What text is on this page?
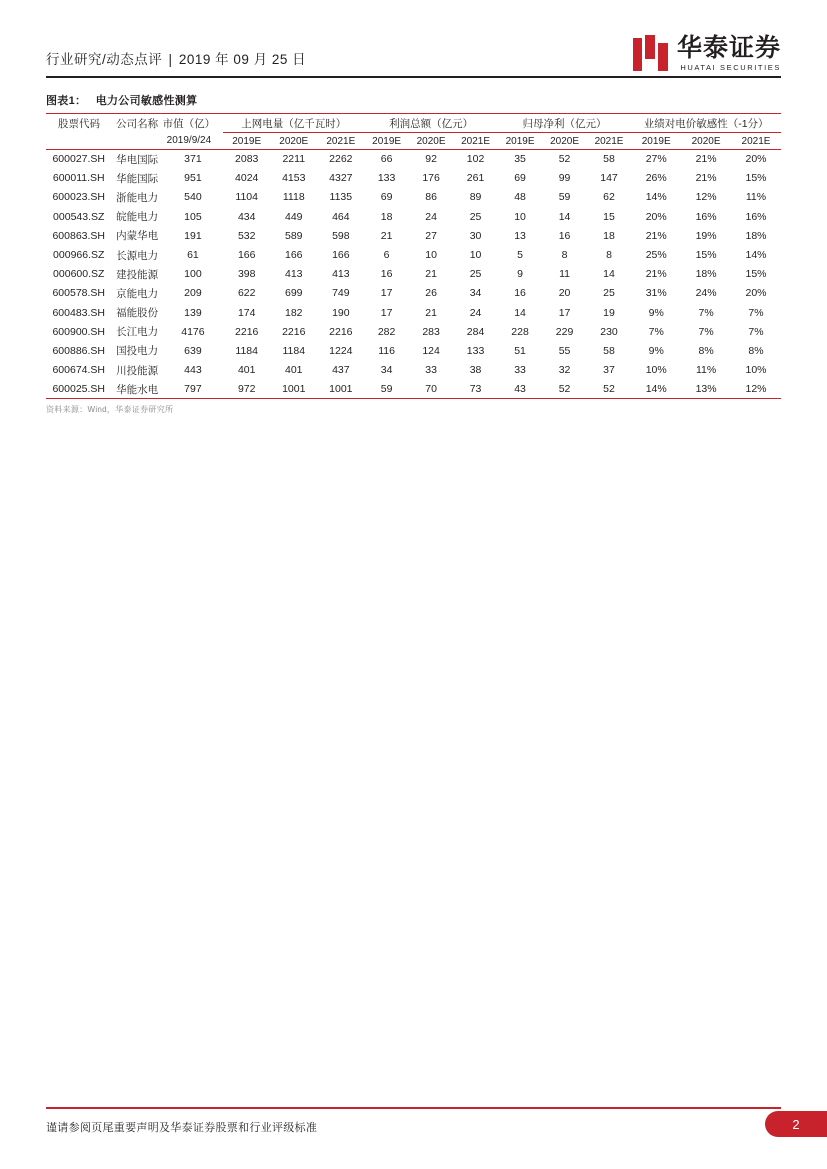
行业研究/动态点评 | 2019 年 09 月 25 日	华泰证券
HUATAI SECURITIES
图表1： 电力公司敏感性测算
股票代码	公司名称	市值（亿）	上网电量（亿千瓦时）			利润总额（亿元）			归母净利（亿元）			业绩对电价敏感性（-1分）		
		2019/9/24	2019E	2020E	2021E	2019E	2020E	2021E	2019E	2020E	2021E	2019E	2020E	2021E
600027.SH	华电国际	371	2083	2211	2262	66	92	102	35	52	58	27%	21%	20%
600011.SH	华能国际	951	4024	4153	4327	133	176	261	69	99	147	26%	21%	15%
600023.SH	浙能电力	540	1104	1118	1135	69	86	89	48	59	62	14%	12%	11%
000543.SZ	皖能电力	105	434	449	464	18	24	25	10	14	15	20%	16%	16%
600863.SH	内蒙华电	191	532	589	598	21	27	30	13	16	18	21%	19%	18%
000966.SZ	长源电力	61	166	166	166	6	10	10	5	8	8	25%	15%	14%
000600.SZ	建投能源	100	398	413	413	16	21	25	9	11	14	21%	18%	15%
600578.SH	京能电力	209	622	699	749	17	26	34	16	20	25	31%	24%	20%
600483.SH	福能股份	139	174	182	190	17	21	24	14	17	19	9%	7%	7%
600900.SH	长江电力	4176	2216	2216	2216	282	283	284	228	229	230	7%	7%	7%
600886.SH	国投电力	639	1184	1184	1224	116	124	133	51	55	58	9%	8%	8%
600674.SH	川投能源	443	401	401	437	34	33	38	33	32	37	10%	11%	10%
600025.SH	华能水电	797	972	1001	1001	59	70	73	43	52	52	14%	13%	12%

资料来源：Wind，华泰证券研究所
谨请参阅页尾重要声明及华泰证券股票和行业评级标准	2
